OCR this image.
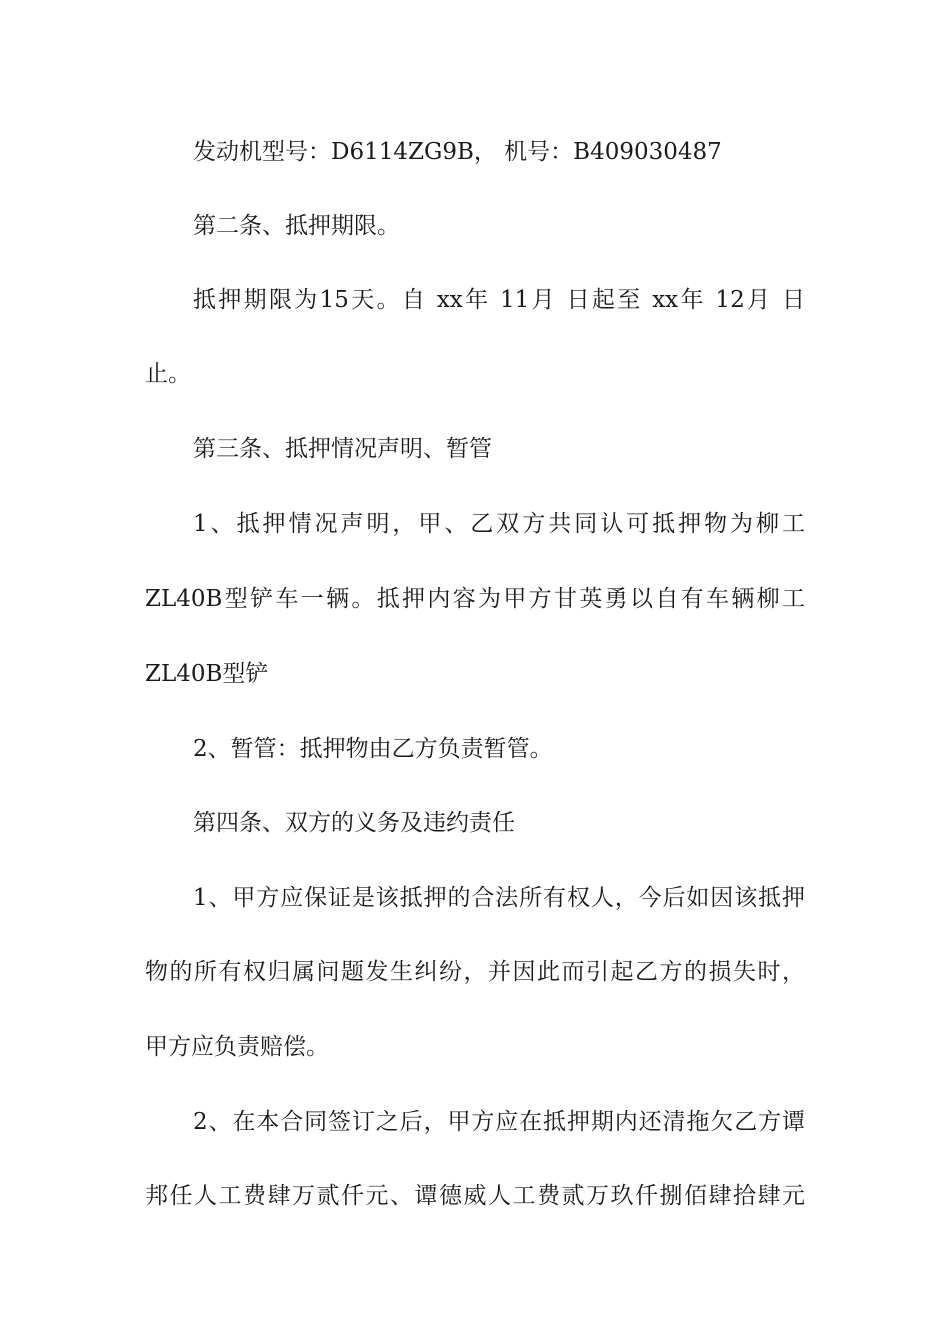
发动机型号：D6114ZG9B， 机号：B409030487
第二条、抵押期限。
抵押期限为15天。自 xx年 11月 日起至 xx年 12月 日
止。
第三条、抵押情况声明、暂管
1、抵押情况声明，甲、乙双方共同认可抵押物为柳工
ZL40B型铲车一辆。抵押内容为甲方甘英勇以自有车辆柳工
ZL40B型铲
2、暂管：抵押物由乙方负责暂管。
第四条、双方的义务及违约责任
1、甲方应保证是该抵押的合法所有权人，今后如因该抵押
物的所有权归属问题发生纠纷，并因此而引起乙方的损失时，
甲方应负责赔偿。
2、在本合同签订之后，甲方应在抵押期内还清拖欠乙方谭
邦任人工费肆万贰仟元、谭德威人工费贰万玖仟捌佰肆拾肆元
